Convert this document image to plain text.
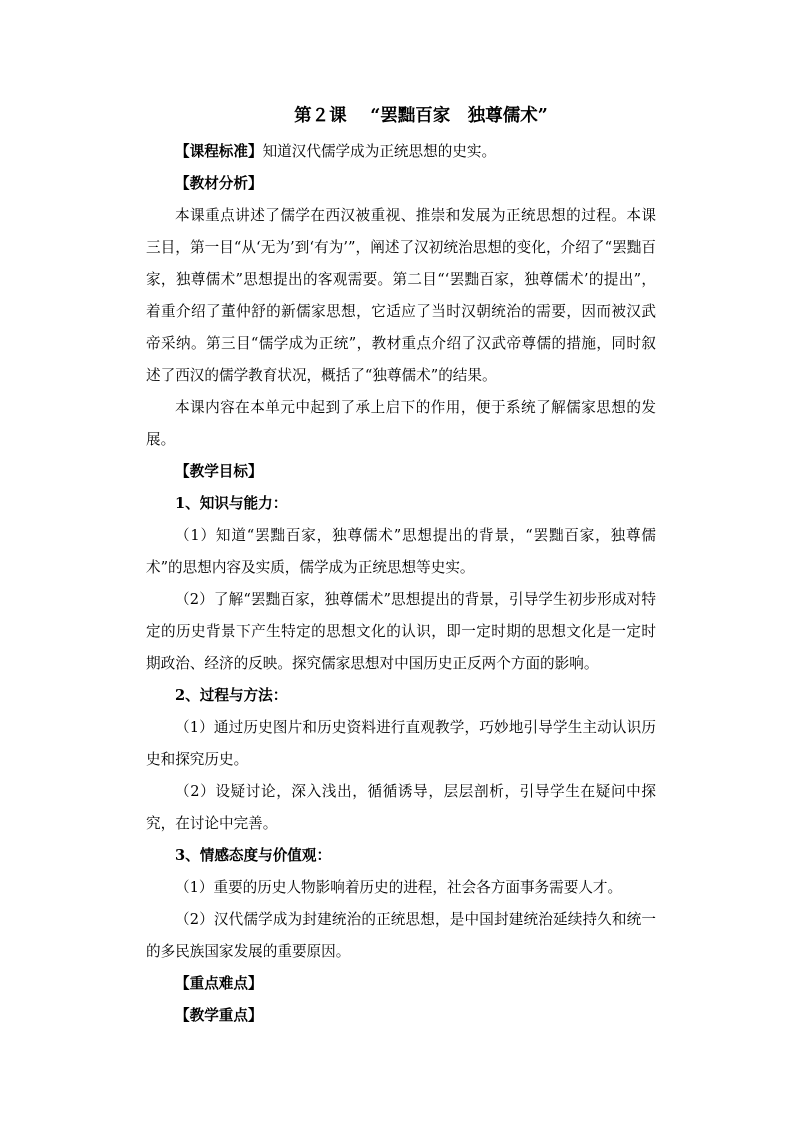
第２课　 “罢黜百家　独尊儒术”

【课程标准】知道汉代儒学成为正统思想的史实。

【教材分析】

本课重点讲述了儒学在西汉被重视、推崇和发展为正统思想的过程。本课三目，第一目“从‘无为’到‘有为’”，阐述了汉初统治思想的变化，介绍了“罢黜百家，独尊儒术”思想提出的客观需要。第二目“‘罢黜百家，独尊儒术’的提出”，着重介绍了董仲舒的新儒家思想，它适应了当时汉朝统治的需要，因而被汉武帝采纳。第三目“儒学成为正统”，教材重点介绍了汉武帝尊儒的措施，同时叙述了西汉的儒学教育状况，概括了“独尊儒术”的结果。

本课内容在本单元中起到了承上启下的作用，便于系统了解儒家思想的发展。

【教学目标】

1、知识与能力：

（1）知道“罢黜百家，独尊儒术”思想提出的背景，“罢黜百家，独尊儒术”的思想内容及实质，儒学成为正统思想等史实。

（2）了解“罢黜百家，独尊儒术”思想提出的背景，引导学生初步形成对特定的历史背景下产生特定的思想文化的认识，即一定时期的思想文化是一定时期政治、经济的反映。探究儒家思想对中国历史正反两个方面的影响。

2、过程与方法：

（1）通过历史图片和历史资料进行直观教学，巧妙地引导学生主动认识历史和探究历史。

（2）设疑讨论，深入浅出，循循诱导，层层剖析，引导学生在疑问中探究，在讨论中完善。

3、情感态度与价值观：

（1）重要的历史人物影响着历史的进程，社会各方面事务需要人才。

（2）汉代儒学成为封建统治的正统思想，是中国封建统治延续持久和统一的多民族国家发展的重要原因。

【重点难点】

【教学重点】
